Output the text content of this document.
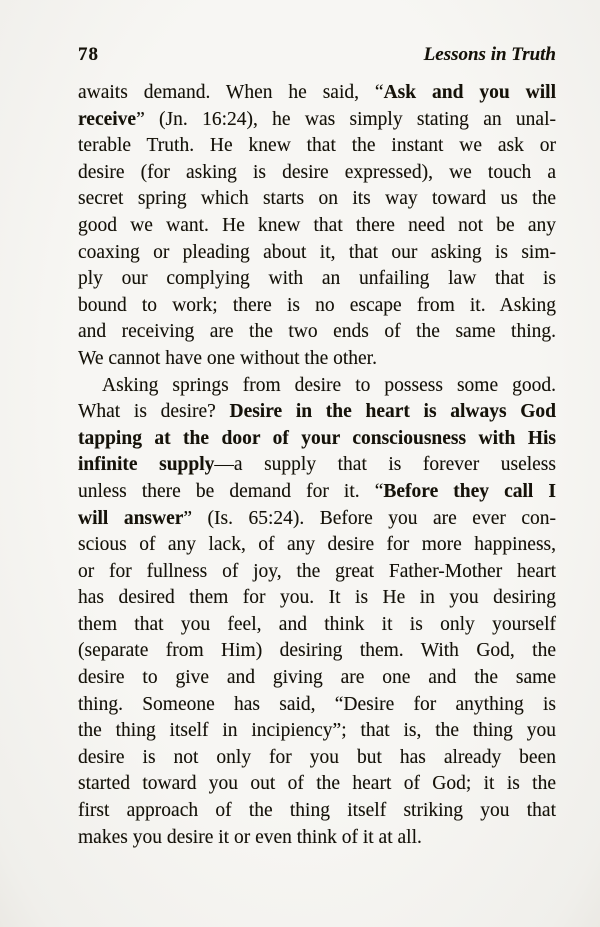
78	Lessons in Truth
awaits demand. When he said, “Ask and you will
receive” (Jn. 16:24), he was simply stating an unal-
terable Truth. He knew that the instant we ask or
desire (for asking is desire expressed), we touch a
secret spring which starts on its way toward us the
good we want. He knew that there need not be any
coaxing or pleading about it, that our asking is sim-
ply our complying with an unfailing law that is
bound to work; there is no escape from it. Asking
and receiving are the two ends of the same thing.
We cannot have one without the other.
Asking springs from desire to possess some good.
What is desire? Desire in the heart is always God
tapping at the door of your consciousness with His
infinite supply—a supply that is forever useless
unless there be demand for it. “Before they call I
will answer” (Is. 65:24). Before you are ever con-
scious of any lack, of any desire for more happiness,
or for fullness of joy, the great Father-Mother heart
has desired them for you. It is He in you desiring
them that you feel, and think it is only yourself
(separate from Him) desiring them. With God, the
desire to give and giving are one and the same
thing. Someone has said, “Desire for anything is
the thing itself in incipiency”; that is, the thing you
desire is not only for you but has already been
started toward you out of the heart of God; it is the
first approach of the thing itself striking you that
makes you desire it or even think of it at all.
